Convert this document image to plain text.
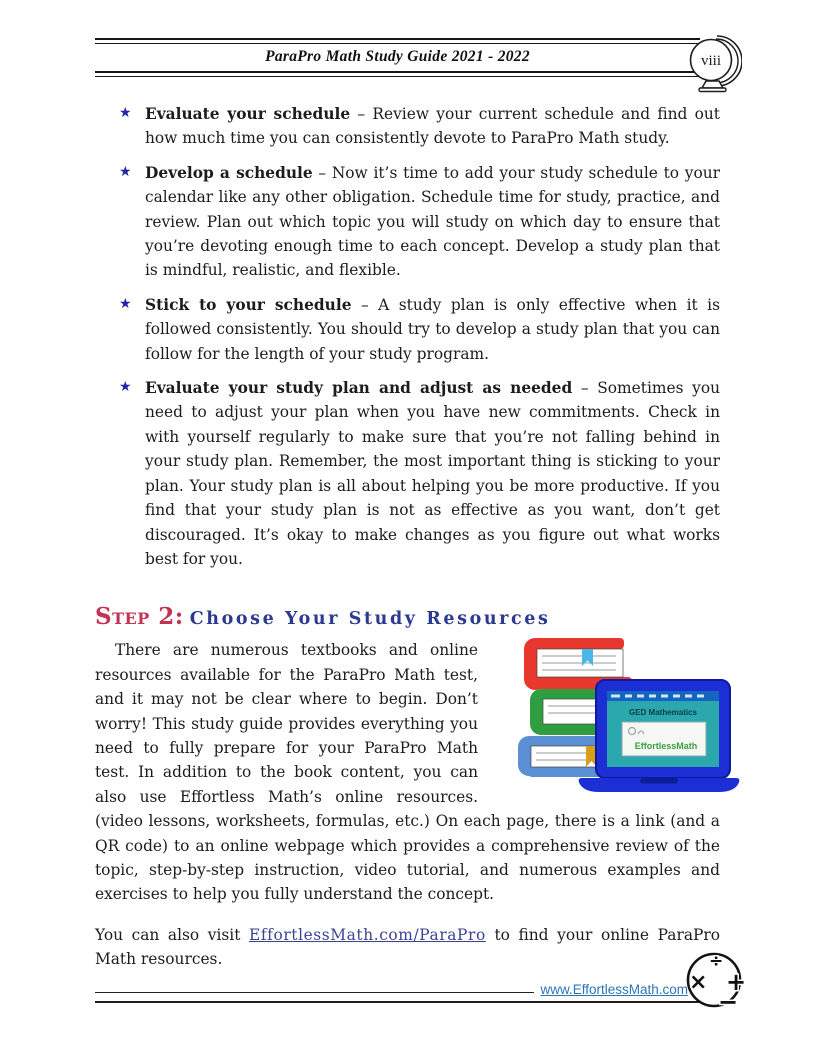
ParaPro Math Study Guide 2021 - 2022	viii
★ Evaluate your schedule – Review your current schedule and find out how much time you can consistently devote to ParaPro Math study.
★ Develop a schedule – Now it’s time to add your study schedule to your calendar like any other obligation. Schedule time for study, practice, and review. Plan out which topic you will study on which day to ensure that you’re devoting enough time to each concept. Develop a study plan that is mindful, realistic, and flexible.
★ Stick to your schedule – A study plan is only effective when it is followed consistently. You should try to develop a study plan that you can follow for the length of your study program.
★ Evaluate your study plan and adjust as needed – Sometimes you need to adjust your plan when you have new commitments. Check in with yourself regularly to make sure that you’re not falling behind in your study plan. Remember, the most important thing is sticking to your plan. Your study plan is all about helping you be more productive. If you find that your study plan is not as effective as you want, don’t get discouraged. It’s okay to make changes as you figure out what works best for you.
Step 2: Choose Your Study Resources
GED Mathematics
EffortlessMath
There are numerous textbooks and online resources available for the ParaPro Math test, and it may not be clear where to begin. Don’t worry! This study guide provides everything you need to fully prepare for your ParaPro Math test. In addition to the book content, you can also use Effortless Math’s online resources. (video lessons, worksheets, formulas, etc.) On each page, there is a link (and a QR code) to an online webpage which provides a comprehensive review of the topic, step-by-step instruction, video tutorial, and numerous examples and exercises to help you fully understand the concept.

You can also visit EffortlessMath.com/ParaPro to find your online ParaPro Math resources.

www.EffortlessMath.com ×
÷
+
−
